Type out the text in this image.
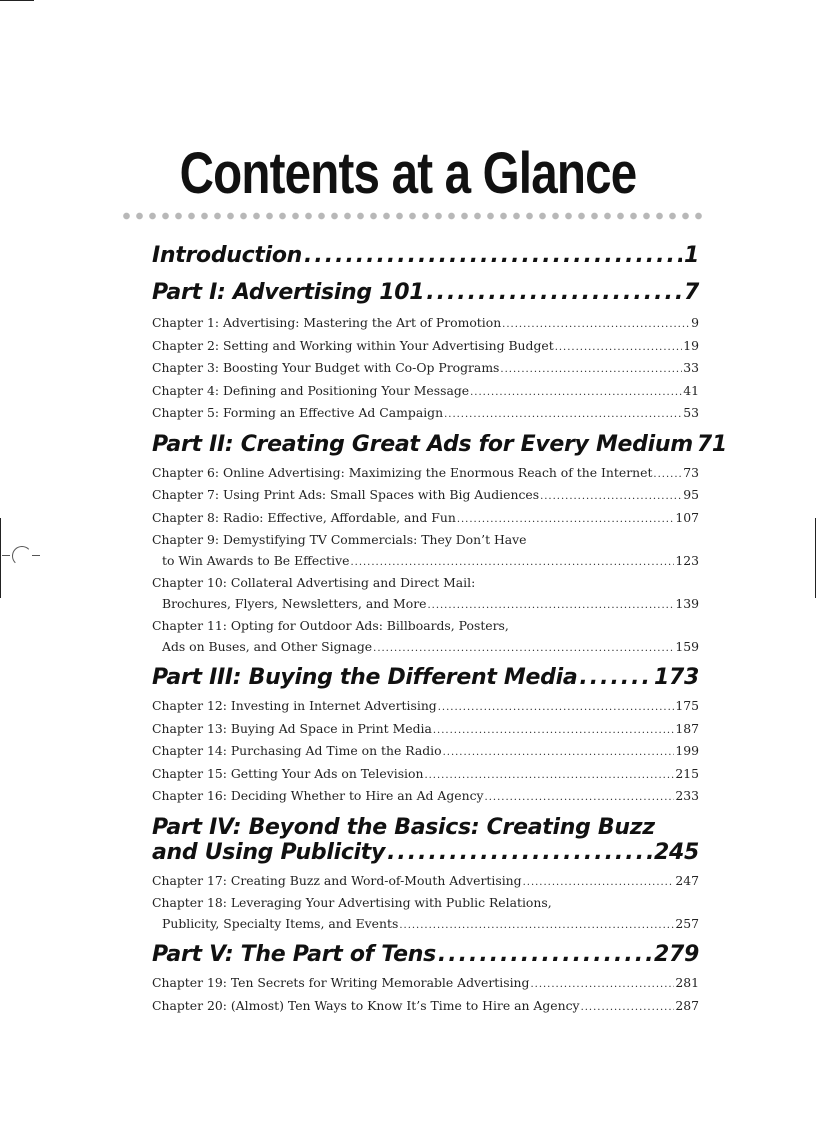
Contents at a Glance
Introduction .....	1
Part I: Advertising 101 .....	7
Chapter 1: Advertising: Mastering the Art of Promotion .....	9
Chapter 2: Setting and Working within Your Advertising Budget .....	19
Chapter 3: Boosting Your Budget with Co-Op Programs .....	33
Chapter 4: Defining and Positioning Your Message .....	41
Chapter 5: Forming an Effective Ad Campaign .....	53
Part II: Creating Great Ads for Every Medium 71
Chapter 6: Online Advertising: Maximizing the Enormous Reach of the Internet ..... 73
Chapter 7: Using Print Ads: Small Spaces with Big Audiences .....	95
Chapter 8: Radio: Effective, Affordable, and Fun .....	107
Chapter 9: Demystifying TV Commercials: They Don’t Have
to Win Awards to Be Effective .....	123
Chapter 10: Collateral Advertising and Direct Mail:
Brochures, Flyers, Newsletters, and More .....	139
Chapter 11: Opting for Outdoor Ads: Billboards, Posters,
Ads on Buses, and Other Signage .....	159
Part III: Buying the Different Media .....	173
Chapter 12: Investing in Internet Advertising .....	175
Chapter 13: Buying Ad Space in Print Media .....	187
Chapter 14: Purchasing Ad Time on the Radio .....	199
Chapter 15: Getting Your Ads on Television .....	215
Chapter 16: Deciding Whether to Hire an Ad Agency .....	233
Part IV: Beyond the Basics: Creating Buzz
and Using Publicity .....	245
Chapter 17: Creating Buzz and Word-of-Mouth Advertising .....	247
Chapter 18: Leveraging Your Advertising with Public Relations,
Publicity, Specialty Items, and Events .....	257
Part V: The Part of Tens .....	279
Chapter 19: Ten Secrets for Writing Memorable Advertising .....	281
Chapter 20: (Almost) Ten Ways to Know It’s Time to Hire an Agency .....	287
